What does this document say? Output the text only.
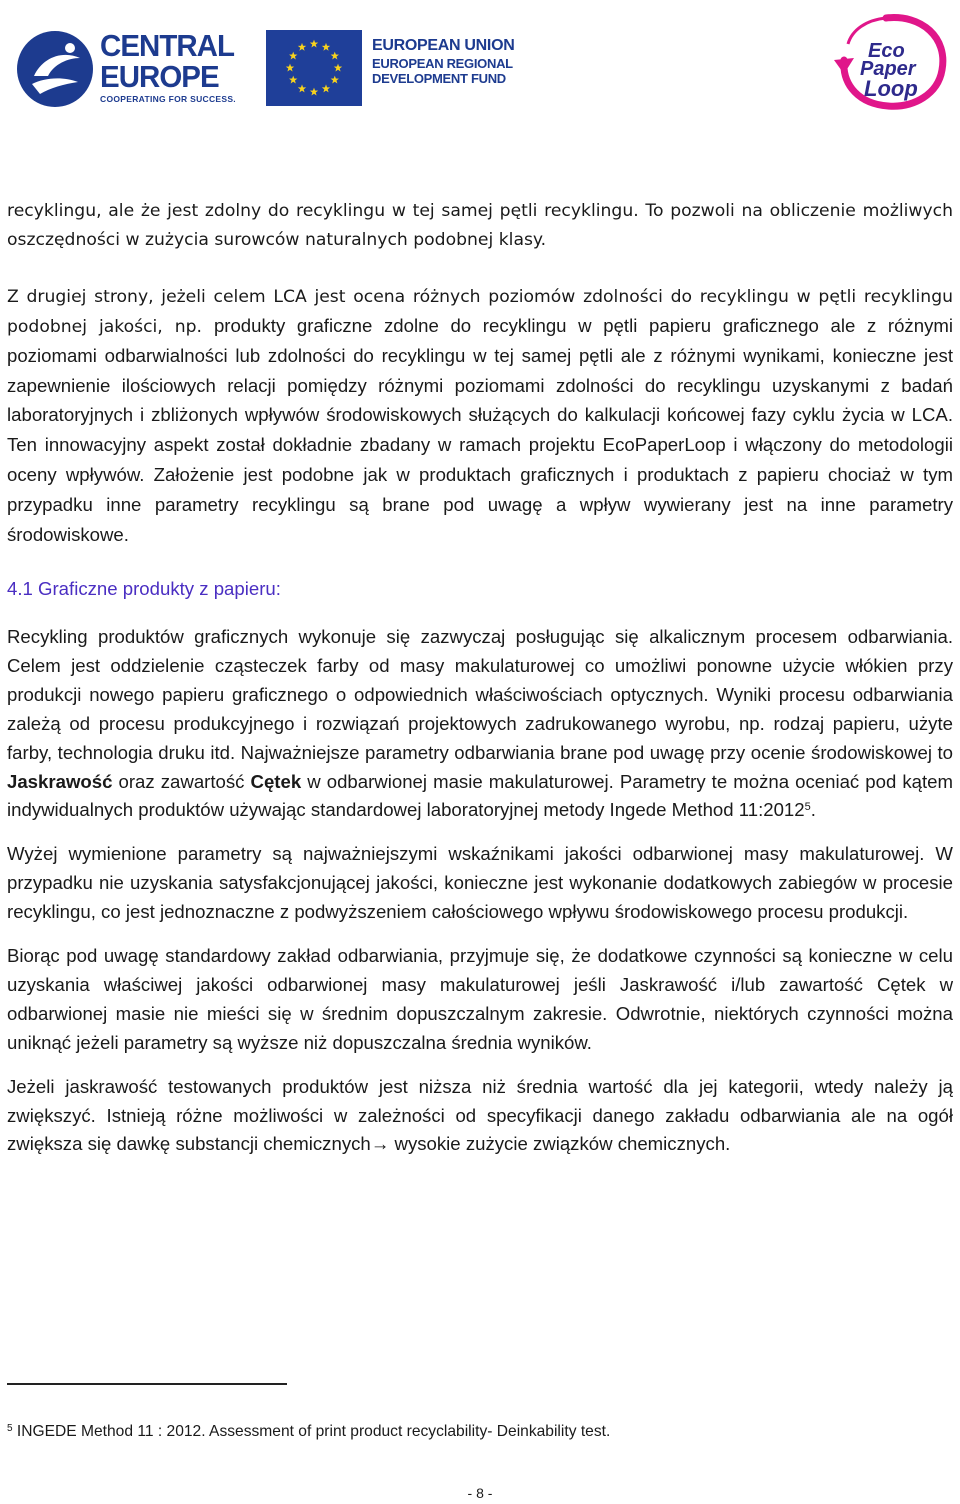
CENTRAL
EUROPE
COOPERATING FOR SUCCESS.
EUROPEAN UNION
EUROPEAN REGIONAL
DEVELOPMENT FUND
Eco
Paper
Loop

recyklingu, ale że jest zdolny do recyklingu w tej samej pętli recyklingu. To pozwoli na obliczenie możliwych oszczędności w zużycia surowców naturalnych podobnej klasy.

Z drugiej strony, jeżeli celem LCA jest ocena różnych poziomów zdolności do recyklingu w pętli recyklingu podobnej jakości, np. produkty graficzne zdolne do recyklingu w pętli papieru graficznego ale z różnymi poziomami odbarwialności lub zdolności do recyklingu w tej samej pętli ale z różnymi wynikami, konieczne jest zapewnienie ilościowych relacji pomiędzy różnymi poziomami zdolności do recyklingu uzyskanymi z badań laboratoryjnych i zbliżonych wpływów środowiskowych służących do kalkulacji końcowej fazy cyklu życia w LCA. Ten innowacyjny aspekt został dokładnie zbadany w ramach projektu EcoPaperLoop i włączony do metodologii oceny wpływów. Założenie jest podobne jak w produktach graficznych i produktach z papieru chociaż w tym przypadku inne parametry recyklingu są brane pod uwagę a wpływ wywierany jest na inne parametry środowiskowe.

4.1 Graficzne produkty z papieru:

Recykling produktów graficznych wykonuje się zazwyczaj posługując się alkalicznym procesem odbarwiania. Celem jest oddzielenie cząsteczek farby od masy makulaturowej co umożliwi ponowne użycie włókien przy produkcji nowego papieru graficznego o odpowiednich właściwościach optycznych. Wyniki procesu odbarwiania zależą od procesu produkcyjnego i rozwiązań projektowych zadrukowanego wyrobu, np. rodzaj papieru, użyte farby, technologia druku itd. Najważniejsze parametry odbarwiania brane pod uwagę przy ocenie środowiskowej to Jaskrawość oraz zawartość Cętek w odbarwionej masie makulaturowej. Parametry te można oceniać pod kątem indywidualnych produktów używając standardowej laboratoryjnej metody Ingede Method 11:2012$^5$.

Wyżej wymienione parametry są najważniejszymi wskaźnikami jakości odbarwionej masy makulaturowej. W przypadku nie uzyskania satysfakcjonującej jakości, konieczne jest wykonanie dodatkowych zabiegów w procesie recyklingu, co jest jednoznaczne z podwyższeniem całościowego wpływu środowiskowego procesu produkcji.

Biorąc pod uwagę standardowy zakład odbarwiania, przyjmuje się, że dodatkowe czynności są konieczne w celu uzyskania właściwej jakości odbarwionej masy makulaturowej jeśli Jaskrawość i/lub zawartość Cętek w odbarwionej masie nie mieści się w średnim dopuszczalnym zakresie. Odwrotnie, niektórych czynności można uniknąć jeżeli parametry są wyższe niż dopuszczalna średnia wyników.

Jeżeli jaskrawość testowanych produktów jest niższa niż średnia wartość dla jej kategorii, wtedy należy ją zwiększyć. Istnieją różne możliwości w zależności od specyfikacji danego zakładu odbarwiania ale na ogół zwiększa się dawkę substancji chemicznych→ wysokie zużycie związków chemicznych.

$^5$ INGEDE Method 11 : 2012. Assessment of print product recyclability- Deinkability test.
- 8 -
